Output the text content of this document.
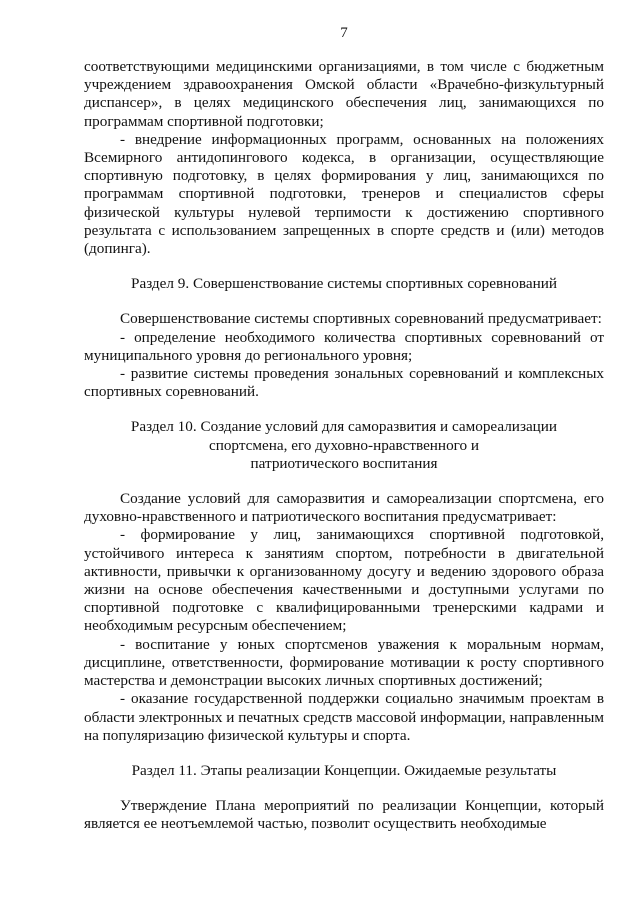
7

соответствующими медицинскими организациями, в том числе с бюджетным учреждением здравоохранения Омской области «Врачебно-физкультурный диспансер», в целях медицинского обеспечения лиц, занимающихся по программам спортивной подготовки;

- внедрение информационных программ, основанных на положениях Всемирного антидопингового кодекса, в организации, осуществляющие спортивную подготовку, в целях формирования у лиц, занимающихся по программам спортивной подготовки, тренеров и специалистов сферы физической культуры нулевой терпимости к достижению спортивного результата с использованием запрещенных в спорте средств и (или) методов (допинга).

Раздел 9. Совершенствование системы спортивных соревнований

Совершенствование системы спортивных соревнований предусматривает:

- определение необходимого количества спортивных соревнований от муниципального уровня до регионального уровня;

- развитие системы проведения зональных соревнований и комплексных спортивных соревнований.

Раздел 10. Создание условий для саморазвития и самореализации
спортсмена, его духовно-нравственного и
патриотического воспитания

Создание условий для саморазвития и самореализации спортсмена, его духовно-нравственного и патриотического воспитания предусматривает:

- формирование у лиц, занимающихся спортивной подготовкой, устойчивого интереса к занятиям спортом, потребности в двигательной активности, привычки к организованному досугу и ведению здорового образа жизни на основе обеспечения качественными и доступными услугами по спортивной подготовке с квалифицированными тренерскими кадрами и необходимым ресурсным обеспечением;

- воспитание у юных спортсменов уважения к моральным нормам, дисциплине, ответственности, формирование мотивации к росту спортивного мастерства и демонстрации высоких личных спортивных достижений;

- оказание государственной поддержки социально значимым проектам в области электронных и печатных средств массовой информации, направленным на популяризацию физической культуры и спорта.

Раздел 11. Этапы реализации Концепции. Ожидаемые результаты

Утверждение Плана мероприятий по реализации Концепции, который является ее неотъемлемой частью, позволит осуществить необходимые
